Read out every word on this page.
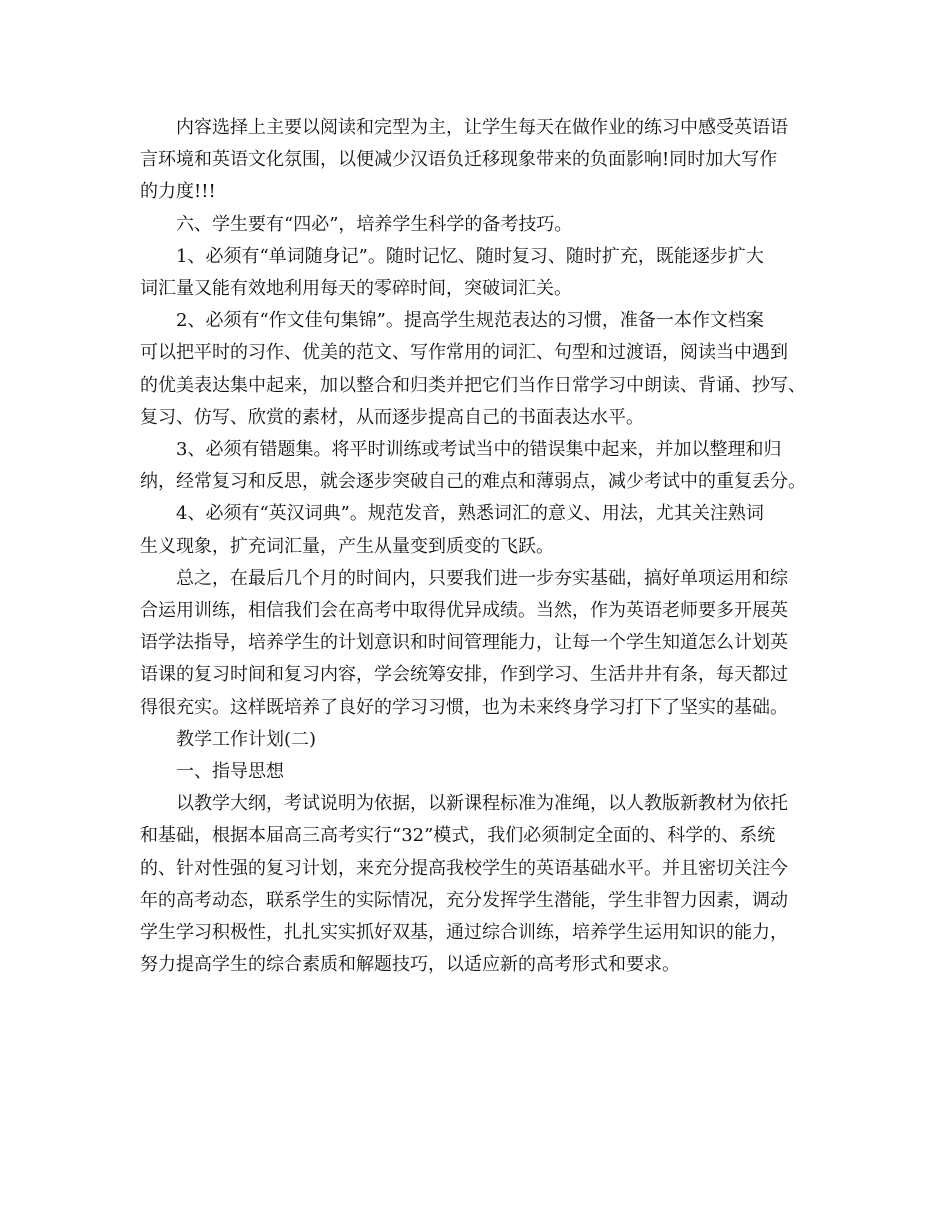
内容选择上主要以阅读和完型为主，让学生每天在做作业的练习中感受英语语
言环境和英语文化氛围，以便减少汉语负迁移现象带来的负面影响!同时加大写作
的力度!!!

六、学生要有“四必”，培养学生科学的备考技巧。

1、必须有“单词随身记”。随时记忆、随时复习、随时扩充，既能逐步扩大
词汇量又能有效地利用每天的零碎时间，突破词汇关。

2、必须有“作文佳句集锦”。提高学生规范表达的习惯，准备一本作文档案
可以把平时的习作、优美的范文、写作常用的词汇、句型和过渡语，阅读当中遇到
的优美表达集中起来，加以整合和归类并把它们当作日常学习中朗读、背诵、抄写、
复习、仿写、欣赏的素材，从而逐步提高自己的书面表达水平。

3、必须有错题集。将平时训练或考试当中的错误集中起来，并加以整理和归
纳，经常复习和反思，就会逐步突破自己的难点和薄弱点，减少考试中的重复丢分。

4、必须有“英汉词典”。规范发音，熟悉词汇的意义、用法，尤其关注熟词
生义现象，扩充词汇量，产生从量变到质变的飞跃。

总之，在最后几个月的时间内，只要我们进一步夯实基础，搞好单项运用和综
合运用训练，相信我们会在高考中取得优异成绩。当然，作为英语老师要多开展英
语学法指导，培养学生的计划意识和时间管理能力，让每一个学生知道怎么计划英
语课的复习时间和复习内容，学会统筹安排，作到学习、生活井井有条，每天都过
得很充实。这样既培养了良好的学习习惯，也为未来终身学习打下了坚实的基础。

教学工作计划(二)

一、指导思想

以教学大纲，考试说明为依据，以新课程标准为准绳，以人教版新教材为依托
和基础，根据本届高三高考实行“32”模式，我们必须制定全面的、科学的、系统
的、针对性强的复习计划，来充分提高我校学生的英语基础水平。并且密切关注今
年的高考动态，联系学生的实际情况，充分发挥学生潜能，学生非智力因素，调动
学生学习积极性，扎扎实实抓好双基，通过综合训练，培养学生运用知识的能力，
努力提高学生的综合素质和解题技巧，以适应新的高考形式和要求。
